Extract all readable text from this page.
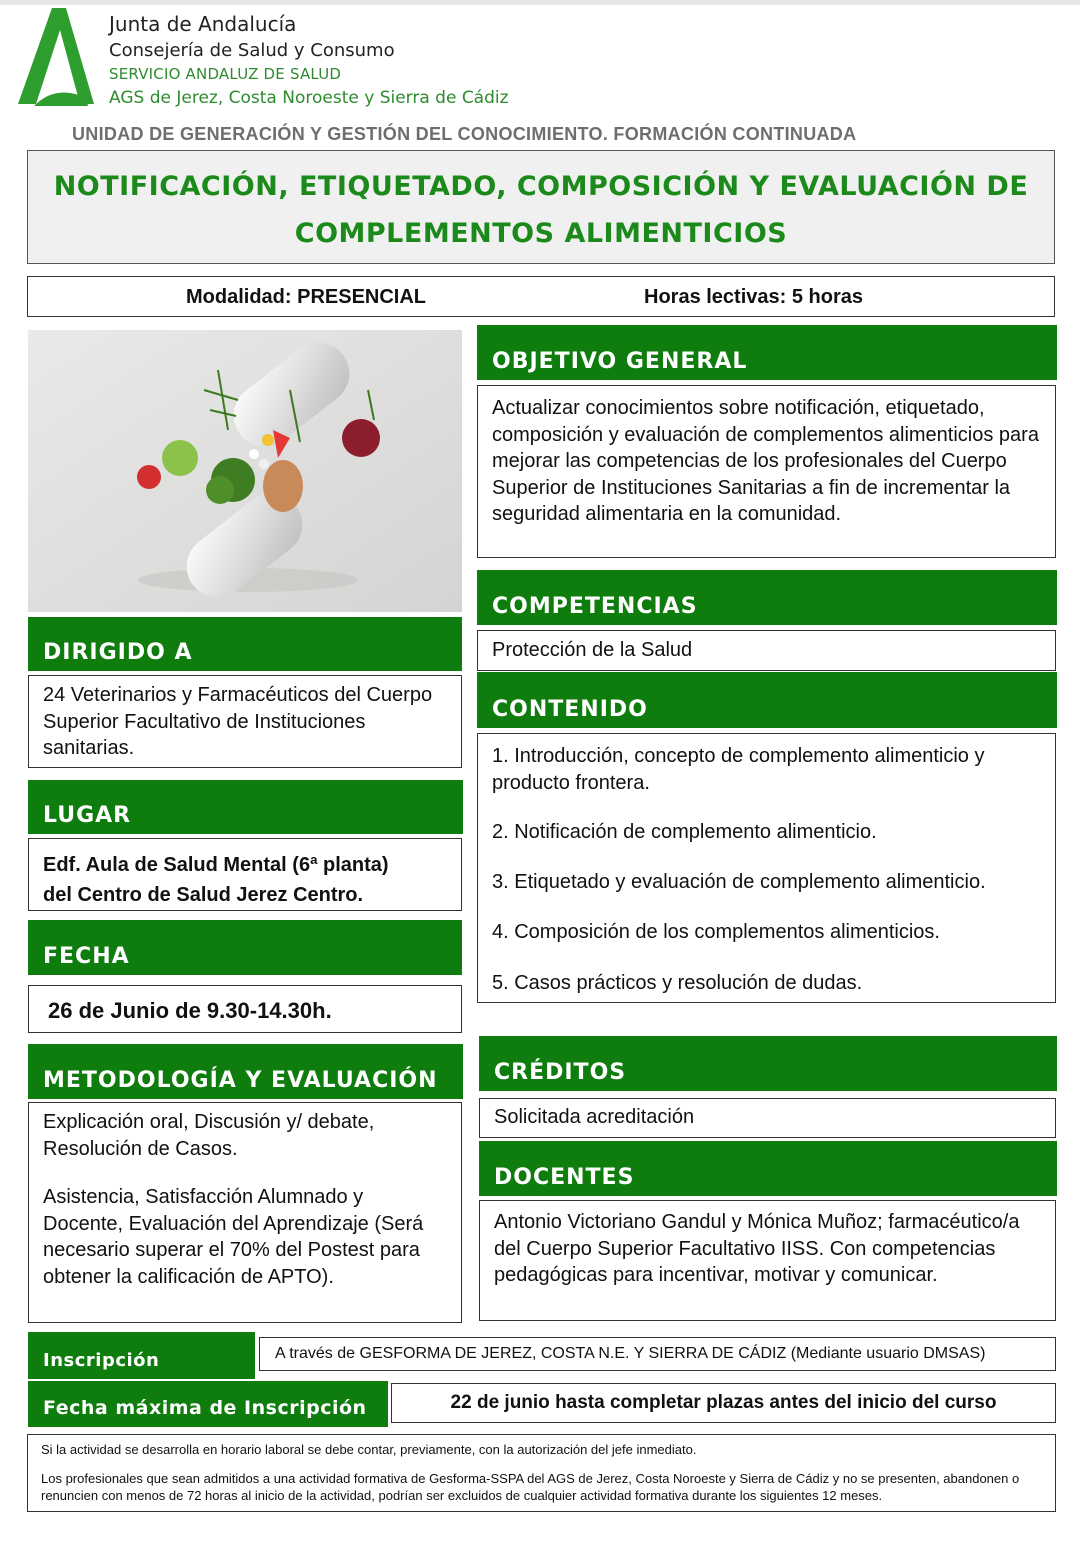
Junta de Andalucía
Consejería de Salud y Consumo
SERVICIO ANDALUZ DE SALUD
AGS de Jerez, Costa Noroeste y Sierra de Cádiz
UNIDAD DE GENERACIÓN Y GESTIÓN DEL CONOCIMIENTO. FORMACIÓN CONTINUADA
NOTIFICACIÓN, ETIQUETADO, COMPOSICIÓN Y EVALUACIÓN DE
COMPLEMENTOS ALIMENTICIOS
Modalidad: PRESENCIAL	Horas lectivas: 5 horas
DIRIGIDO A

24 Veterinarios y Farmacéuticos del Cuerpo Superior Facultativo de Instituciones sanitarias.

LUGAR

Edf. Aula de Salud Mental (6ª planta)

del Centro de Salud Jerez Centro.

FECHA

26 de Junio de 9.30-14.30h.

METODOLOGÍA Y EVALUACIÓN

Explicación oral, Discusión y/ debate, Resolución de Casos.

Asistencia, Satisfacción Alumnado y Docente, Evaluación del Aprendizaje (Será necesario superar el 70% del Postest para obtener la calificación de APTO).

OBJETIVO GENERAL

Actualizar conocimientos sobre notificación, etiquetado, composición y evaluación de complementos alimenticios para mejorar las competencias de los profesionales del Cuerpo Superior de Instituciones Sanitarias a fin de incrementar la seguridad alimentaria en la comunidad.

COMPETENCIAS

Protección de la Salud

CONTENIDO

1. Introducción, concepto de complemento alimenticio y producto frontera.

2. Notificación de complemento alimenticio.

3. Etiquetado y evaluación de complemento alimenticio.

4. Composición de los complementos alimenticios.

5. Casos prácticos y resolución de dudas.

CRÉDITOS

Solicitada acreditación

DOCENTES

Antonio Victoriano Gandul y Mónica Muñoz; farmacéutico/a del Cuerpo Superior Facultativo IISS. Con competencias pedagógicas para incentivar, motivar y comunicar.

Inscripción	A través de GESFORMA DE JEREZ, COSTA N.E. Y SIERRA DE CÁDIZ (Mediante usuario DMSAS)

Fecha máxima de Inscripción	22 de junio hasta completar plazas antes del inicio del curso

Si la actividad se desarrolla en horario laboral se debe contar, previamente, con la autorización del jefe inmediato.

Los profesionales que sean admitidos a una actividad formativa de Gesforma-SSPA del AGS de Jerez, Costa Noroeste y Sierra de Cádiz y no se presenten, abandonen o renuncien con menos de 72 horas al inicio de la actividad, podrían ser excluidos de cualquier actividad formativa durante los siguientes 12 meses.
